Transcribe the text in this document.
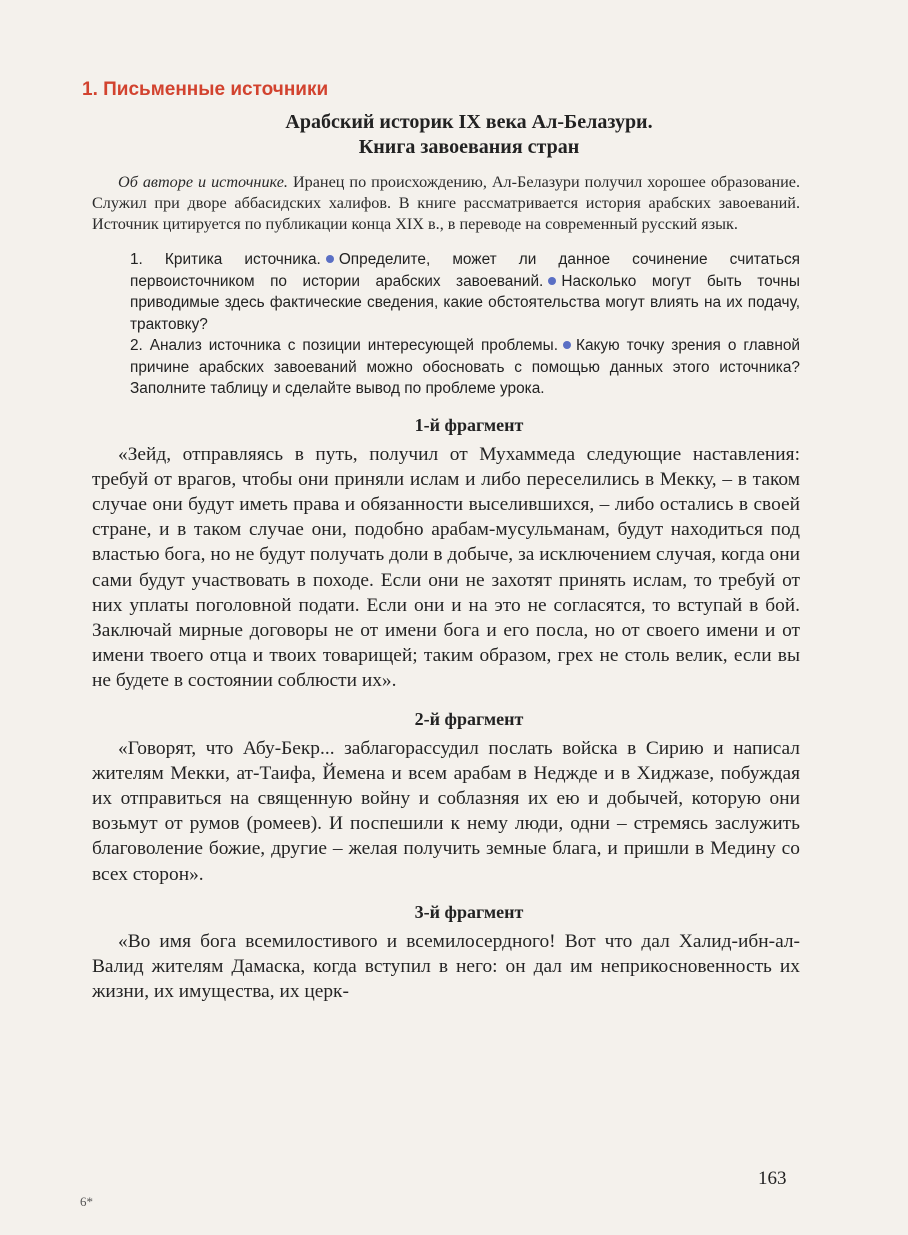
1. Письменные источники
Арабский историк IX века Ал-Белазури.
Книга завоевания стран

Об авторе и источнике. Иранец по происхождению, Ал-Белазури получил хорошее образование. Служил при дворе аббасидских халифов. В книге рассматривается история арабских завоеваний. Источник цитируется по публикации конца XIX в., в переводе на современный русский язык.

1. Критика источника. Определите, может ли данное сочинение считаться первоисточником по истории арабских завоеваний. Насколько могут быть точны приводимые здесь фактические сведения, какие обстоятельства могут влиять на их подачу, трактовку?

2. Анализ источника с позиции интересующей проблемы. Какую точку зрения о главной причине арабских завоеваний можно обосновать с помощью данных этого источника? Заполните таблицу и сделайте вывод по проблеме урока.

1-й фрагмент

«Зейд, отправляясь в путь, получил от Мухаммеда следующие наставления: требуй от врагов, чтобы они приняли ислам и либо переселились в Мекку, – в таком случае они будут иметь права и обязанности выселившихся, – либо остались в своей стране, и в таком случае они, подобно арабам-мусульманам, будут находиться под властью бога, но не будут получать доли в добыче, за исключением случая, когда они сами будут участвовать в походе. Если они не захотят принять ислам, то требуй от них уплаты поголовной подати. Если они и на это не согласятся, то вступай в бой. Заключай мирные договоры не от имени бога и его посла, но от своего имени и от имени твоего отца и твоих товарищей; таким образом, грех не столь велик, если вы не будете в состоянии соблюсти их».

2-й фрагмент

«Говорят, что Абу-Бекр... заблагорассудил послать войска в Сирию и написал жителям Мекки, ат-Таифа, Йемена и всем арабам в Неджде и в Хиджазе, побуждая их отправиться на священную войну и соблазняя их ею и добычей, которую они возьмут от румов (ромеев). И поспешили к нему люди, одни – стремясь заслужить благоволение божие, другие – желая получить земные блага, и пришли в Медину со всех сторон».

3-й фрагмент

«Во имя бога всемилостивого и всемилосердного! Вот что дал Халид-ибн-ал-Валид жителям Дамаска, когда вступил в него: он дал им неприкосновенность их жизни, их имущества, их церк-

6*
163
